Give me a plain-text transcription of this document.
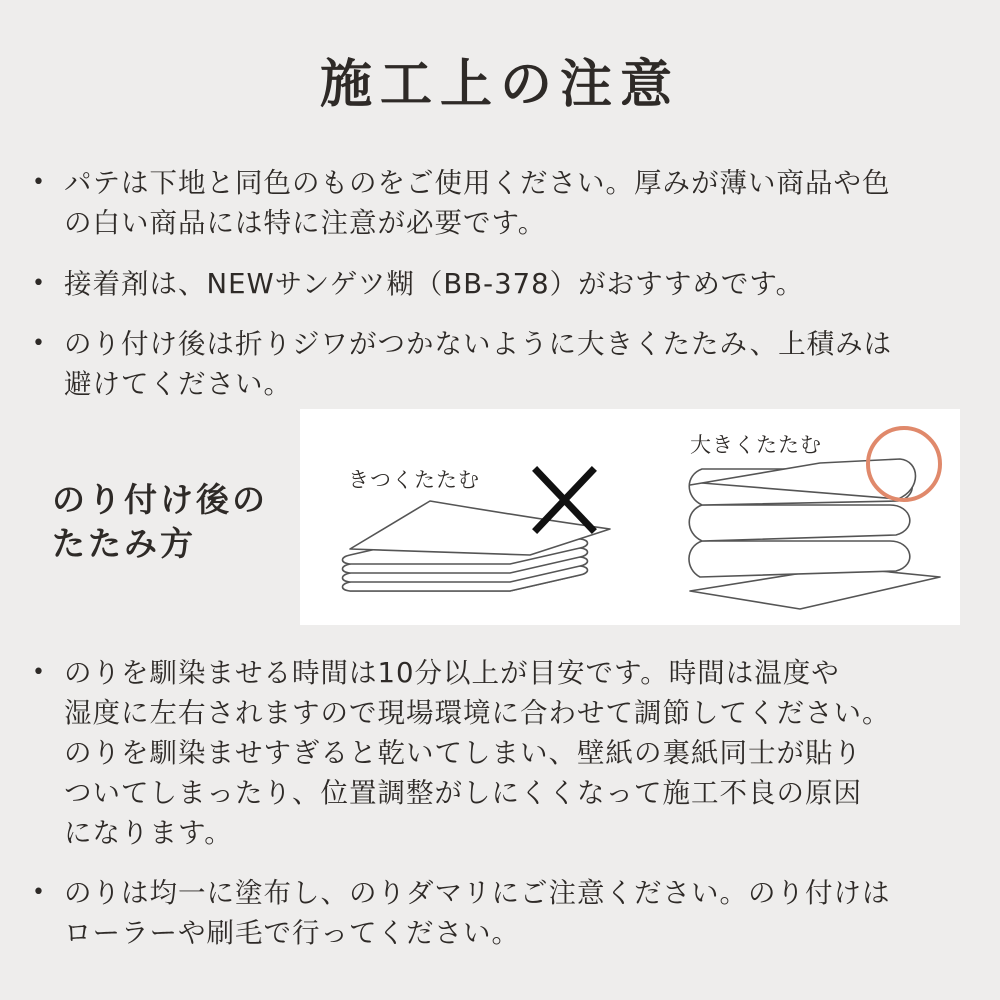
施工上の注意
• パテは下地と同色のものをご使用ください。厚みが薄い商品や色
の白い商品には特に注意が必要です。
• 接着剤は、NEWサンゲツ糊（BB-378）がおすすめです。
• のり付け後は折りジワがつかないように大きくたたみ、上積みは
避けてください。
のり付け後の
たたみ方
きつくたたむ
大きくたたむ
• のりを馴染ませる時間は10分以上が目安です。時間は温度や
湿度に左右されますので現場環境に合わせて調節してください。
のりを馴染ませすぎると乾いてしまい、壁紙の裏紙同士が貼り
ついてしまったり、位置調整がしにくくなって施工不良の原因
になります。
• のりは均一に塗布し、のりダマリにご注意ください。のり付けは
ローラーや刷毛で行ってください。
